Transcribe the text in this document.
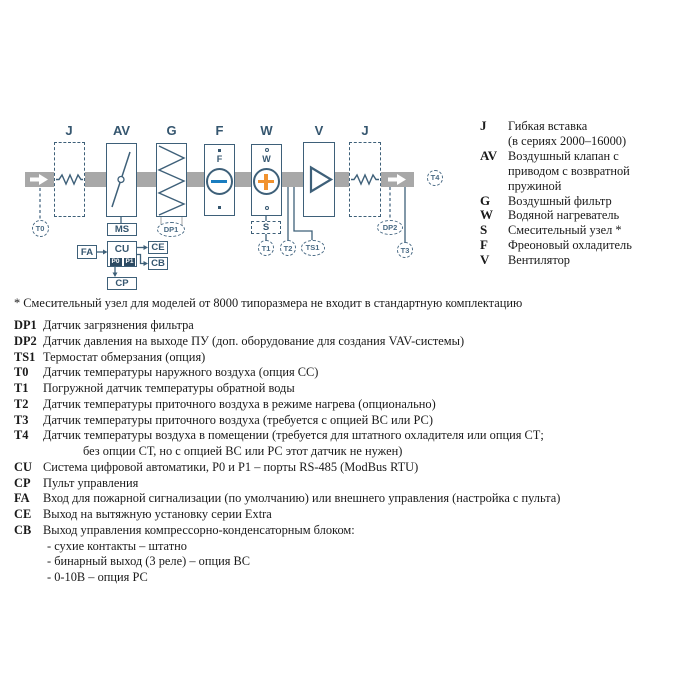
J	AV	G	F	W	V	J
F	W
MS	S
FA	CU
P0 P1
CE
CB
CP
T0	DP1
T1	T2	TS1
DP2
T3
T4
J	Гибкая вставка
(в сериях 2000–16000)
AV Воздушный клапан с
приводом с возвратной
пружиной
G	Воздушный фильтр
W	Водяной нагреватель
S	Смесительный узел *
F	Фреоновый охладитель
V	Вентилятор
* Смесительный узел для моделей от 8000 типоразмера не входит в стандартную комплектацию
DP1 Датчик загрязнения фильтра
DP2 Датчик давления на выходе ПУ (доп. оборудование для создания VAV-системы)
TS1 Термостат обмерзания (опция)
T0	Датчик температуры наружного воздуха (опция СС)
T1	Погружной датчик температуры обратной воды
T2	Датчик температуры приточного воздуха в режиме нагрева (опционально)
T3	Датчик температуры приточного воздуха (требуется с опцией ВС или РС)
T4	Датчик температуры воздуха в помещении (требуется для штатного охладителя или опция СТ;
без опции СТ, но с опцией ВС или РС этот датчик не нужен)
CU Система цифровой автоматики, Р0 и Р1 – порты RS-485 (ModBus RTU)
CP	Пульт управления
FA	Вход для пожарной сигнализации (по умолчанию) или внешнего управления (настройка с пульта)
CE Выход на вытяжную установку серии Extra
CB Выход управления компрессорно-конденсаторным блоком:
- сухие контакты – штатно
- бинарный выход (3 реле) – опция ВС
- 0-10В – опция РС
